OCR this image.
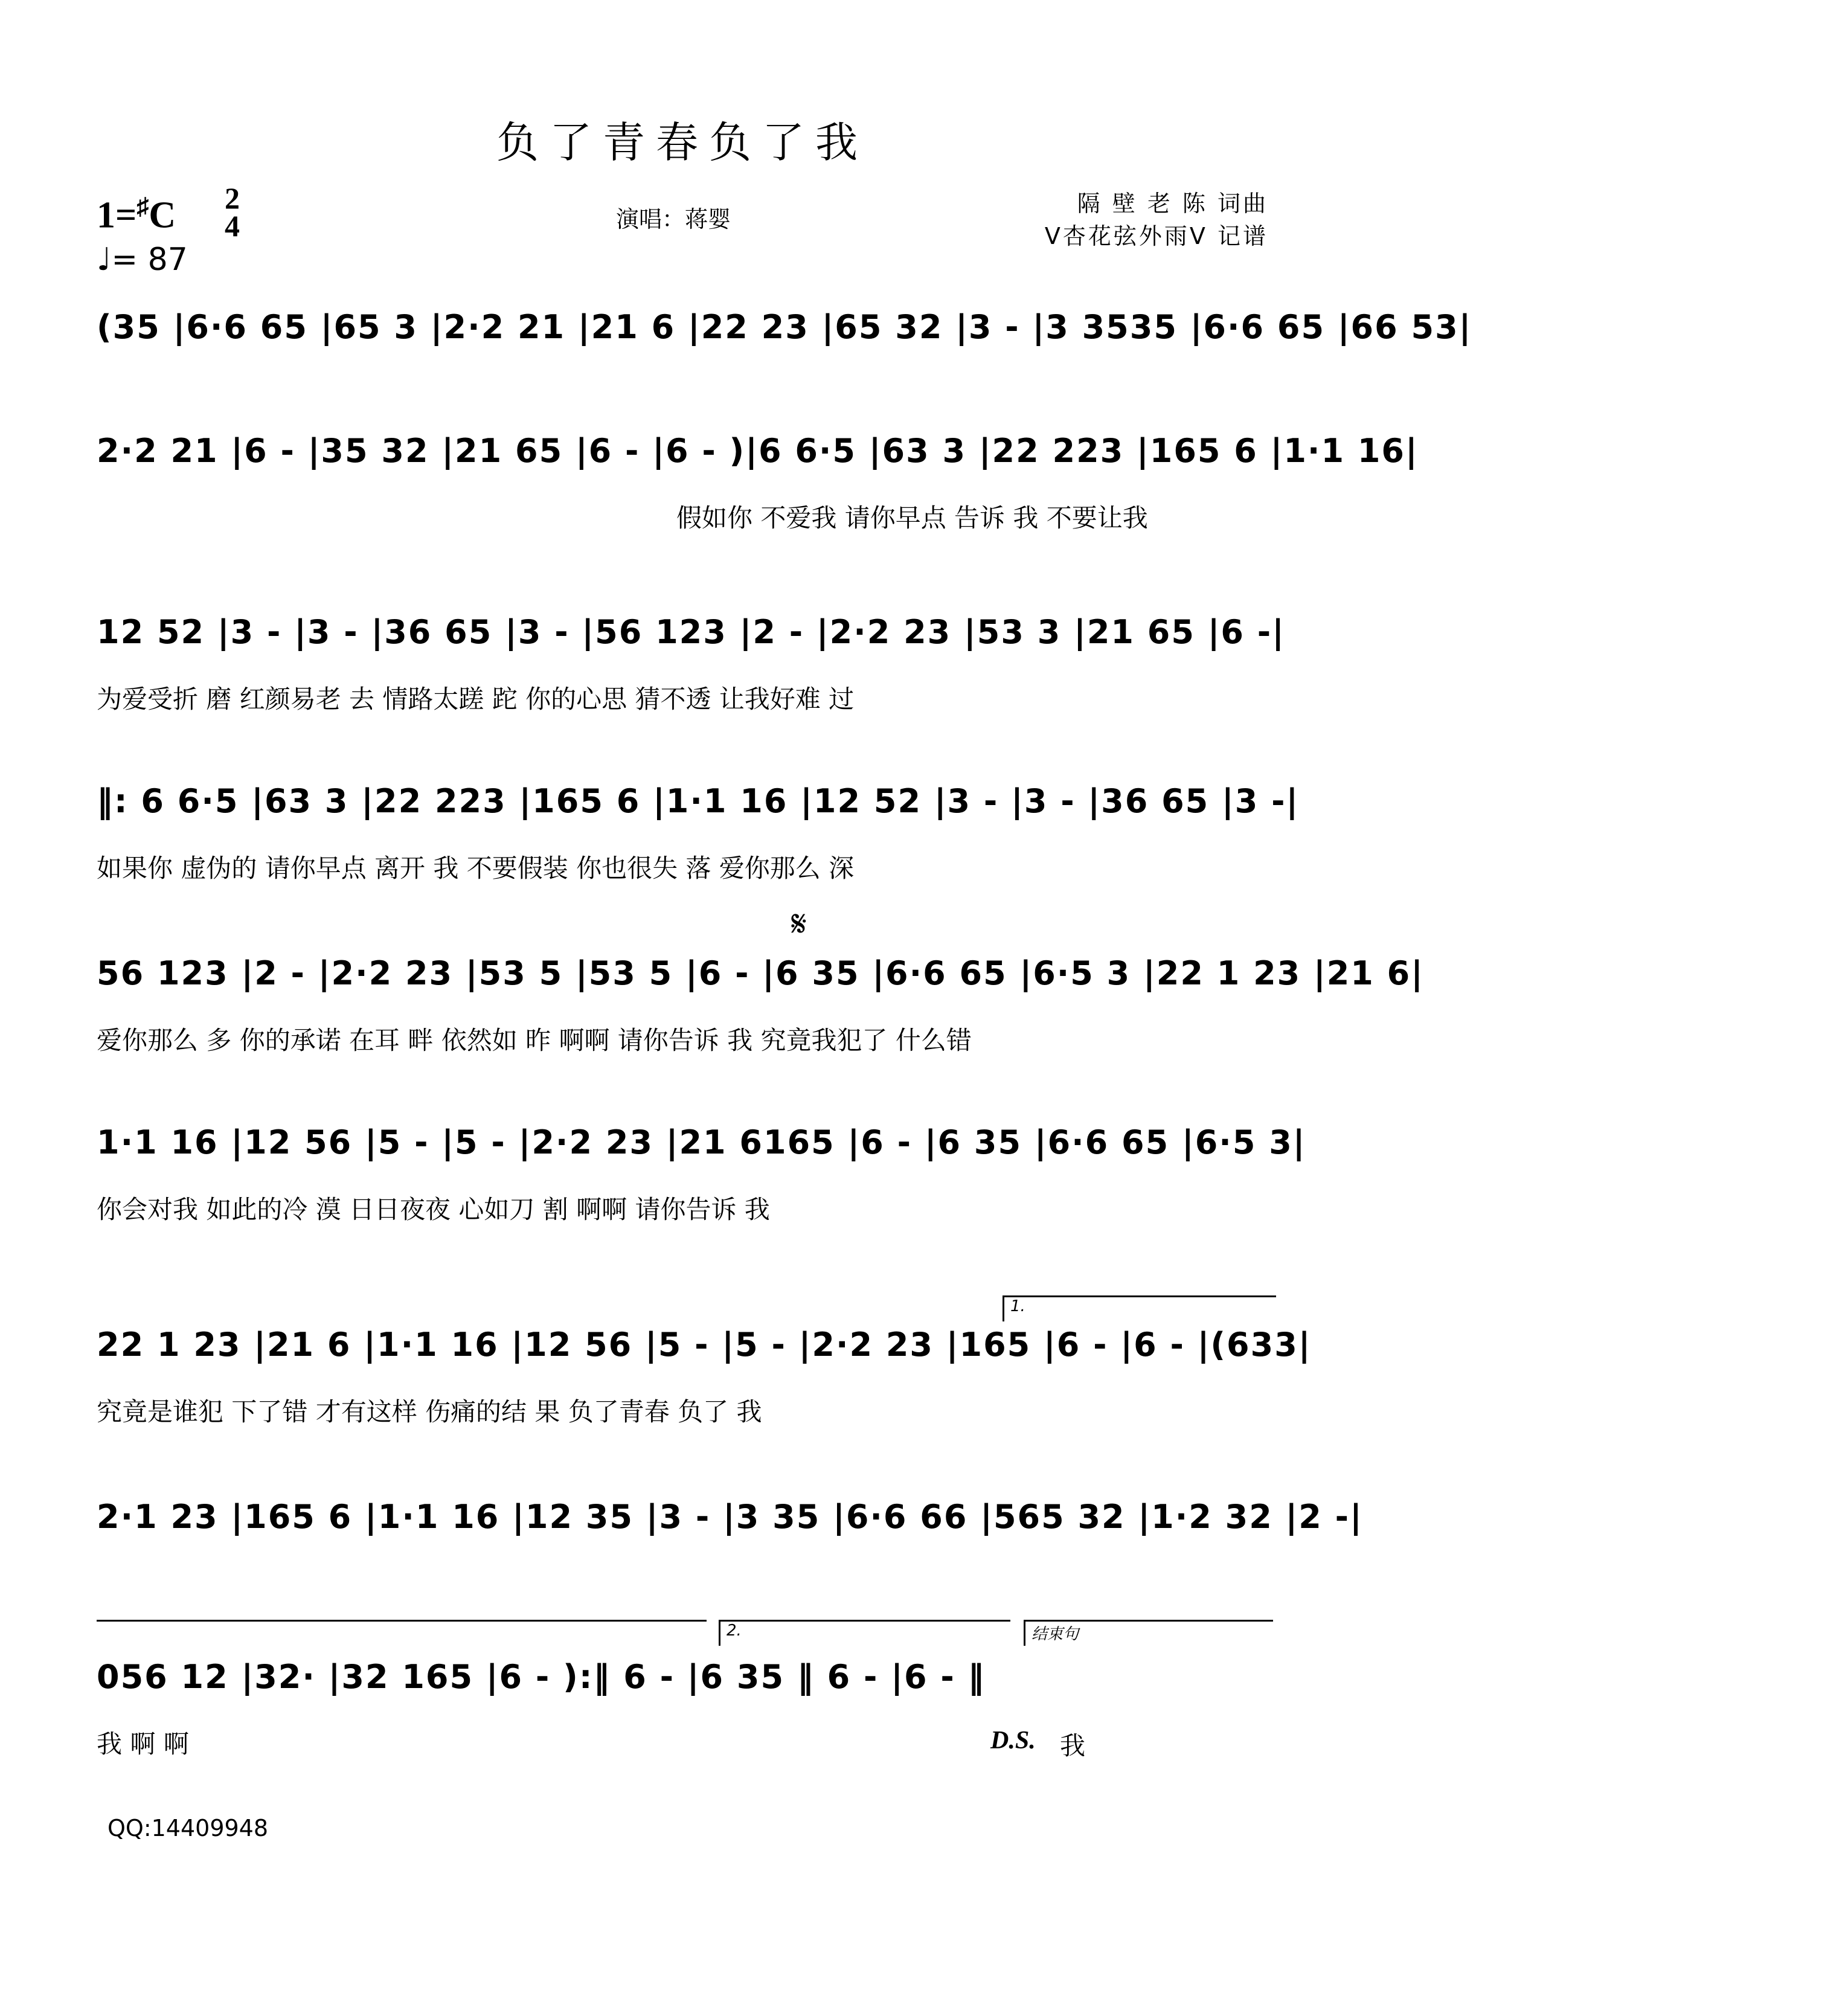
负了青春负了我
1=♯C 2
4
♩= 87
演唱：蒋婴
隔 壁 老 陈 词曲
V杏花弦外雨V 记谱
𝄋
(35 |6·6 65 |65 3 |2·2 21 |21 6 |22 23 |65 32 |3 - |3 3535 |6·6 65 |66 53|
2·2 21 |6 - |35 32 |21 65 |6 - |6 - )|6 6·5 |63 3 |22 223 |165 6 |1·1 16|
假如你 不爱我 请你早点 告诉 我 不要让我
12 52 |3 - |3 - |36 65 |3 - |56 123 |2 - |2·2 23 |53 3 |21 65 |6 -|
为爱受折 磨 红颜易老 去 情路太蹉 跎 你的心思 猜不透 让我好难 过
‖: 6 6·5 |63 3 |22 223 |165 6 |1·1 16 |12 52 |3 - |3 - |36 65 |3 -|
如果你 虚伪的 请你早点 离开 我 不要假装 你也很失 落 爱你那么 深
56 123 |2 - |2·2 23 |53 5 |53 5 |6 - |6 35 |6·6 65 |6·5 3 |22 1 23 |21 6|
爱你那么 多 你的承诺 在耳 畔 依然如 昨 啊啊 请你告诉 我 究竟我犯了 什么错
1·1 16 |12 56 |5 - |5 - |2·2 23 |21 6165 |6 - |6 35 |6·6 65 |6·5 3|
你会对我 如此的冷 漠 日日夜夜 心如刀 割 啊啊 请你告诉 我
1.
22 1 23 |21 6 |1·1 16 |12 56 |5 - |5 - |2·2 23 |165 |6 - |6 - |(633|
究竟是谁犯 下了错 才有这样 伤痛的结 果 负了青春 负了 我
2·1 23 |165 6 |1·1 16 |12 35 |3 - |3 35 |6·6 66 |565 32 |1·2 32 |2 -|
2.	结束句
056 12 |32· |32 165 |6 - ):‖ 6 - |6 35 ‖ 6 - |6 - ‖
我 啊 啊	D.S. 我
QQ:14409948
